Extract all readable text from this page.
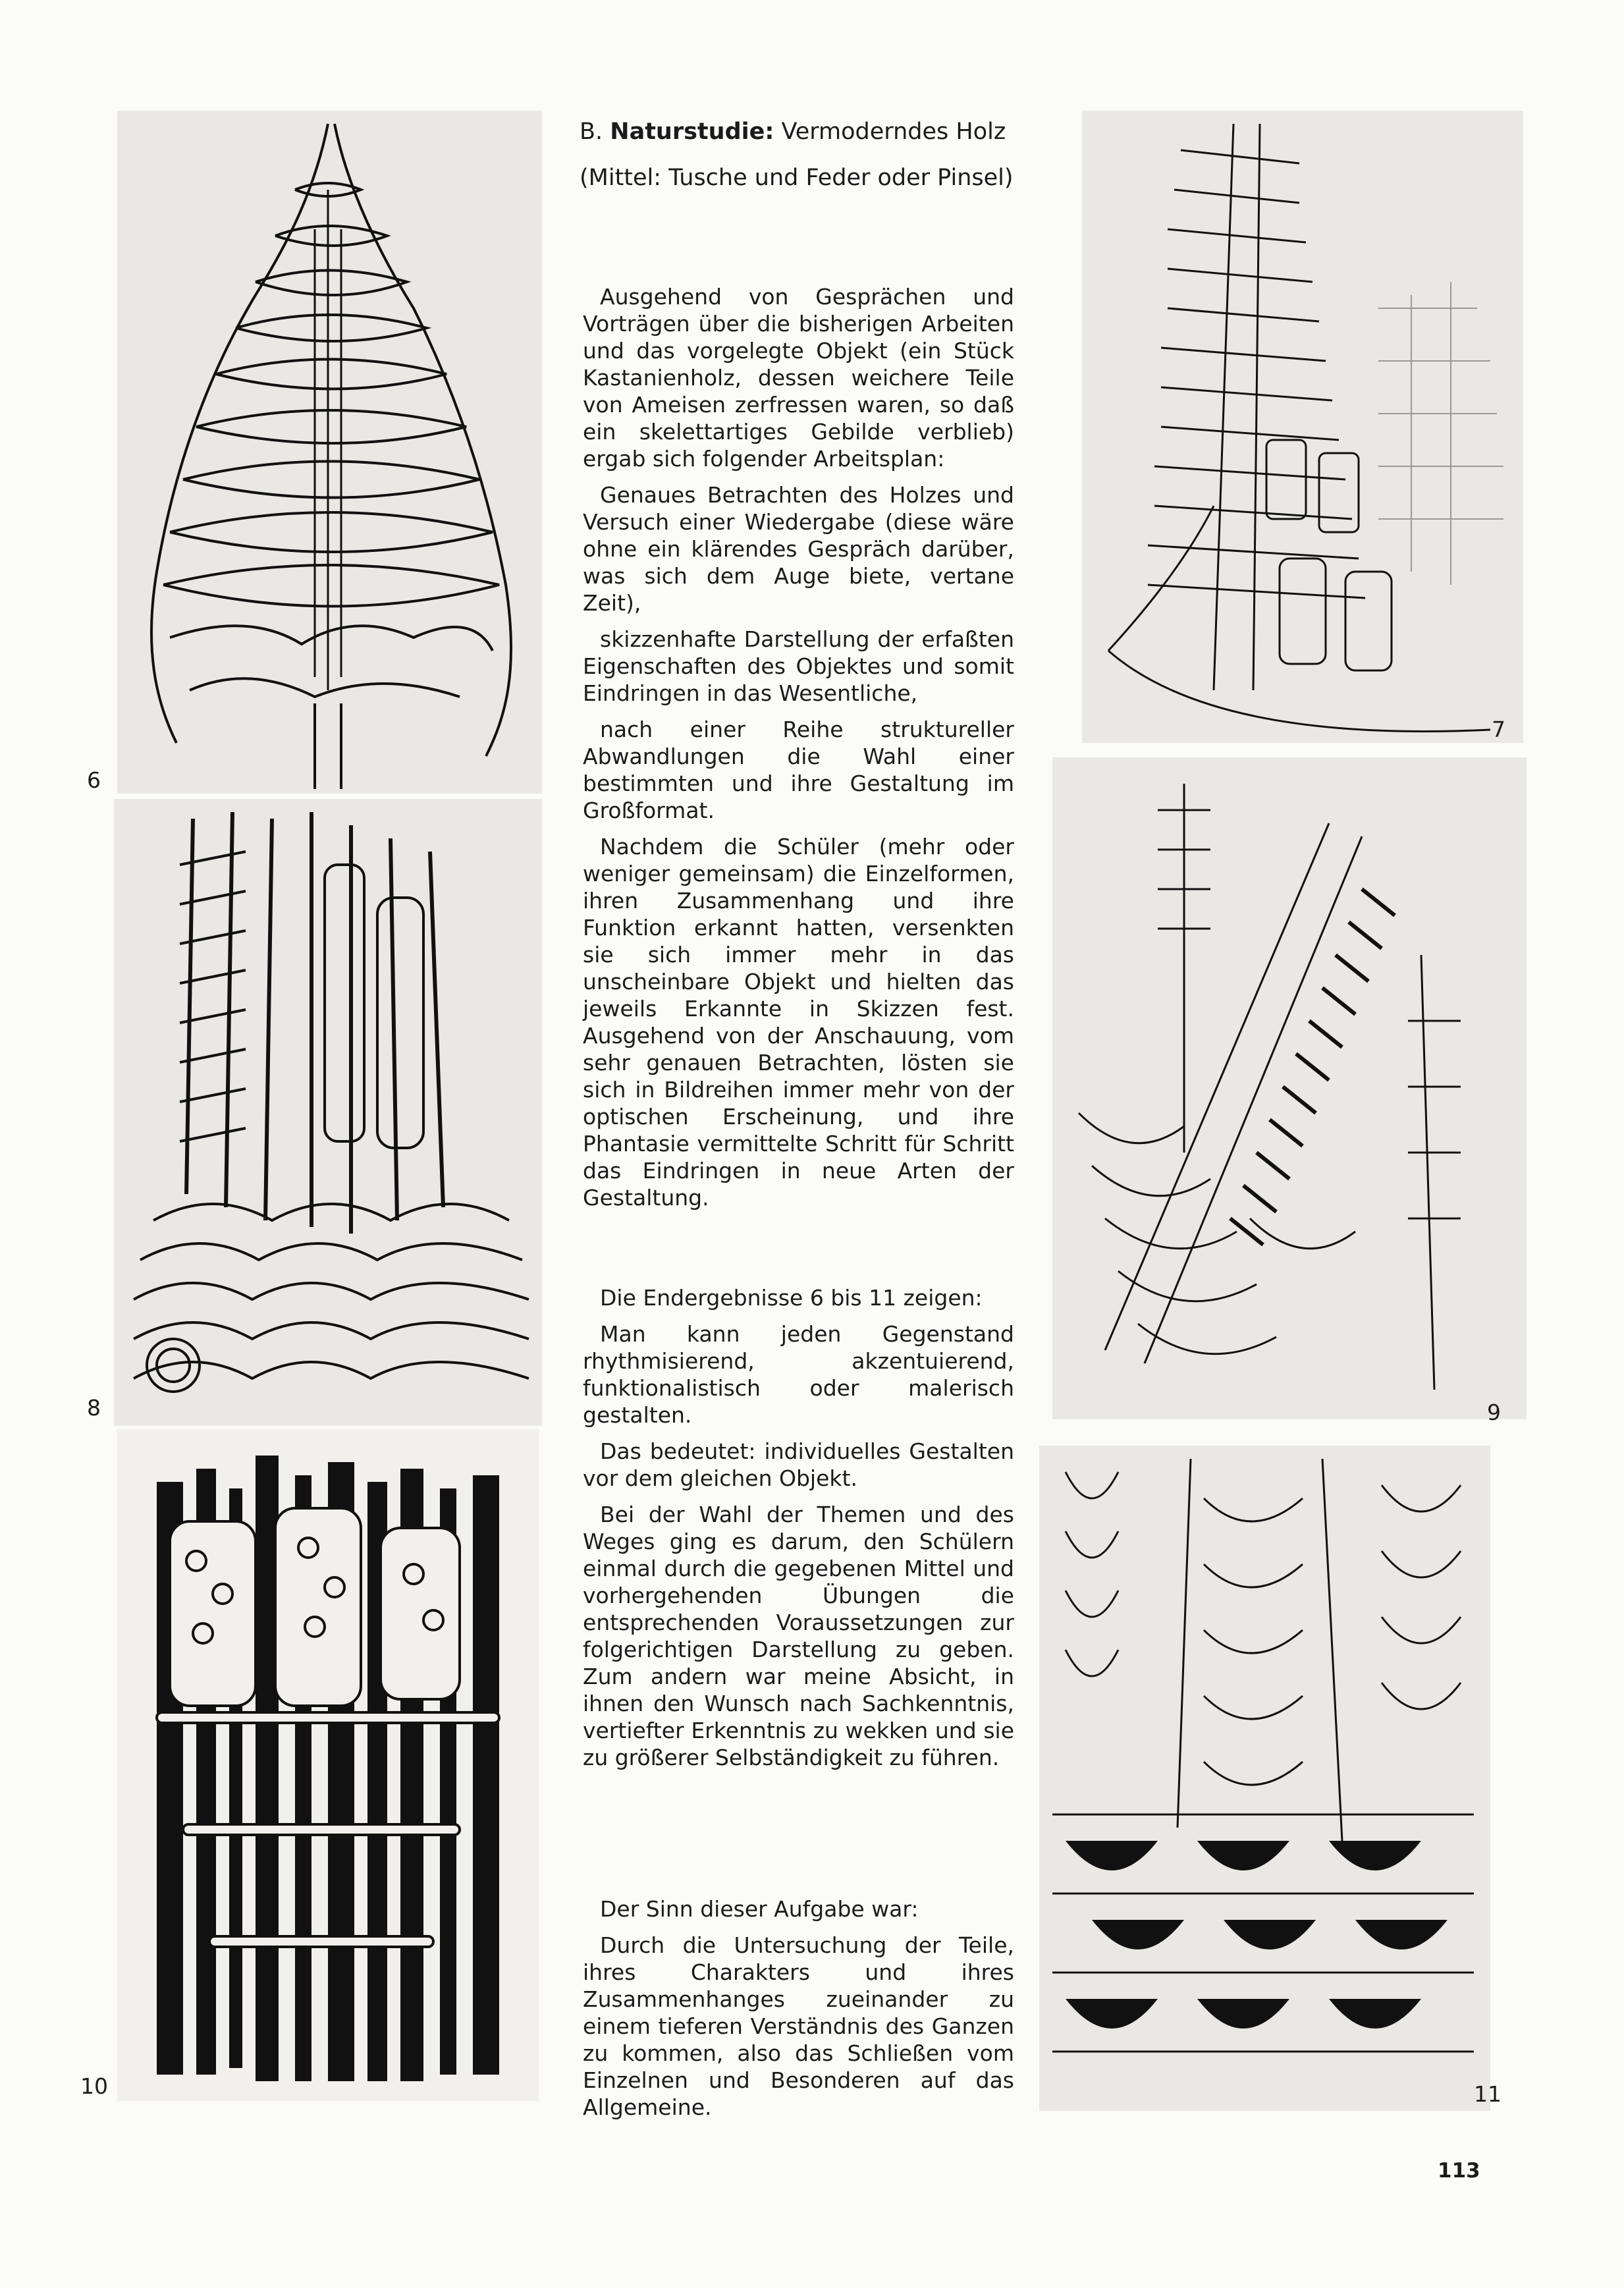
B. Naturstudie: Vermoderndes Holz
(Mittel: Tusche und Feder oder Pinsel)

Ausgehend von Gesprächen und Vorträgen über die bisherigen Arbeiten und das vorgelegte Objekt (ein Stück Kastanienholz, dessen weichere Teile von Ameisen zerfressen waren, so daß ein skelettartiges Gebilde verblieb) ergab sich folgender Arbeitsplan:

Genaues Betrachten des Holzes und Versuch einer Wiedergabe (diese wäre ohne ein klärendes Gespräch darüber, was sich dem Auge biete, vertane Zeit),

skizzenhafte Darstellung der erfaßten Eigenschaften des Objektes und somit Eindringen in das Wesentliche,

nach einer Reihe struktureller Abwandlungen die Wahl einer bestimmten und ihre Gestaltung im Großformat.

Nachdem die Schüler (mehr oder weniger gemeinsam) die Einzelformen, ihren Zusammenhang und ihre Funktion erkannt hatten, versenkten sie sich immer mehr in das unscheinbare Objekt und hielten das jeweils Erkannte in Skizzen fest. Ausgehend von der Anschauung, vom sehr genauen Betrachten, lösten sie sich in Bildreihen immer mehr von der optischen Erscheinung, und ihre Phantasie vermittelte Schritt für Schritt das Eindringen in neue Arten der Gestaltung.

Die Endergebnisse 6 bis 11 zeigen:

Man kann jeden Gegenstand rhythmisierend, akzentuierend, funktionalistisch oder malerisch gestalten.

Das bedeutet: individuelles Gestalten vor dem gleichen Objekt.

Bei der Wahl der Themen und des Weges ging es darum, den Schülern einmal durch die gegebenen Mittel und vorhergehenden Übungen die entsprechenden Voraussetzungen zur folgerichtigen Darstellung zu geben. Zum andern war meine Absicht, in ihnen den Wunsch nach Sachkenntnis, vertiefter Erkenntnis zu wekken und sie zu größerer Selbständigkeit zu führen.

Der Sinn dieser Aufgabe war:

Durch die Untersuchung der Teile, ihres Charakters und ihres Zusammenhanges zueinander zu einem tieferen Verständnis des Ganzen zu kommen, also das Schließen vom Einzelnen und Besonderen auf das Allgemeine.

6
8
10
7
9
11
113
